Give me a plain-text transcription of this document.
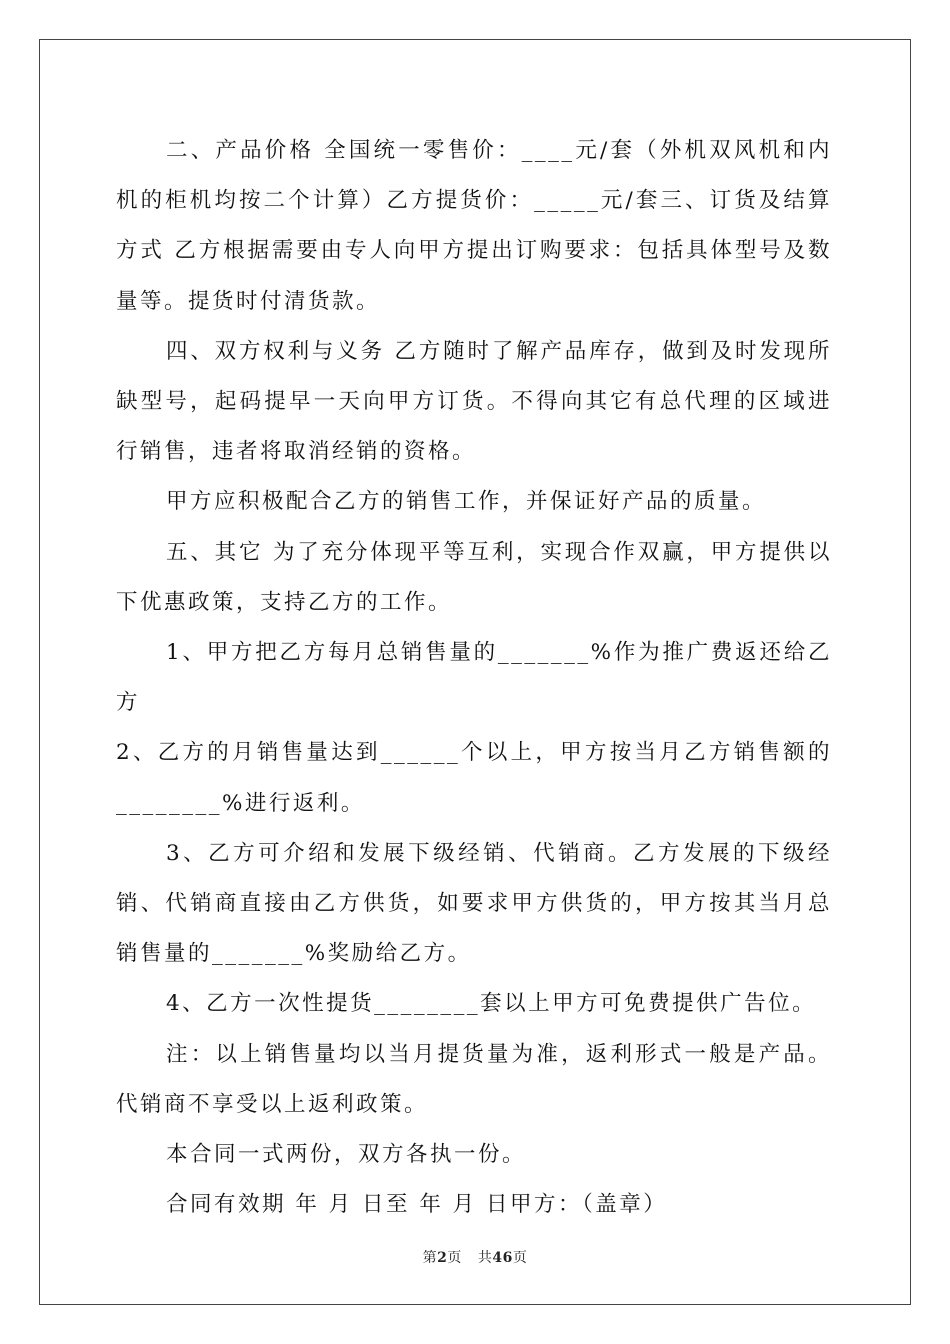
二、产品价格 全国统一零售价：____元/套（外机双风机和内机的柜机均按二个计算）乙方提货价：_____元/套三、订货及结算方式 乙方根据需要由专人向甲方提出订购要求：包括具体型号及数量等。提货时付清货款。

四、双方权利与义务 乙方随时了解产品库存，做到及时发现所缺型号，起码提早一天向甲方订货。不得向其它有总代理的区域进行销售，违者将取消经销的资格。

甲方应积极配合乙方的销售工作，并保证好产品的质量。

五、其它 为了充分体现平等互利，实现合作双赢，甲方提供以下优惠政策，支持乙方的工作。

1、甲方把乙方每月总销售量的_______%作为推广费返还给乙方

2、乙方的月销售量达到______个以上，甲方按当月乙方销售额的________%进行返利。

3、乙方可介绍和发展下级经销、代销商。乙方发展的下级经销、代销商直接由乙方供货，如要求甲方供货的，甲方按其当月总销售量的_______%奖励给乙方。

4、乙方一次性提货________套以上甲方可免费提供广告位。

注：以上销售量均以当月提货量为准，返利形式一般是产品。代销商不享受以上返利政策。

本合同一式两份，双方各执一份。

合同有效期 年 月 日至 年 月 日甲方：（盖章）

第2页 共46页
